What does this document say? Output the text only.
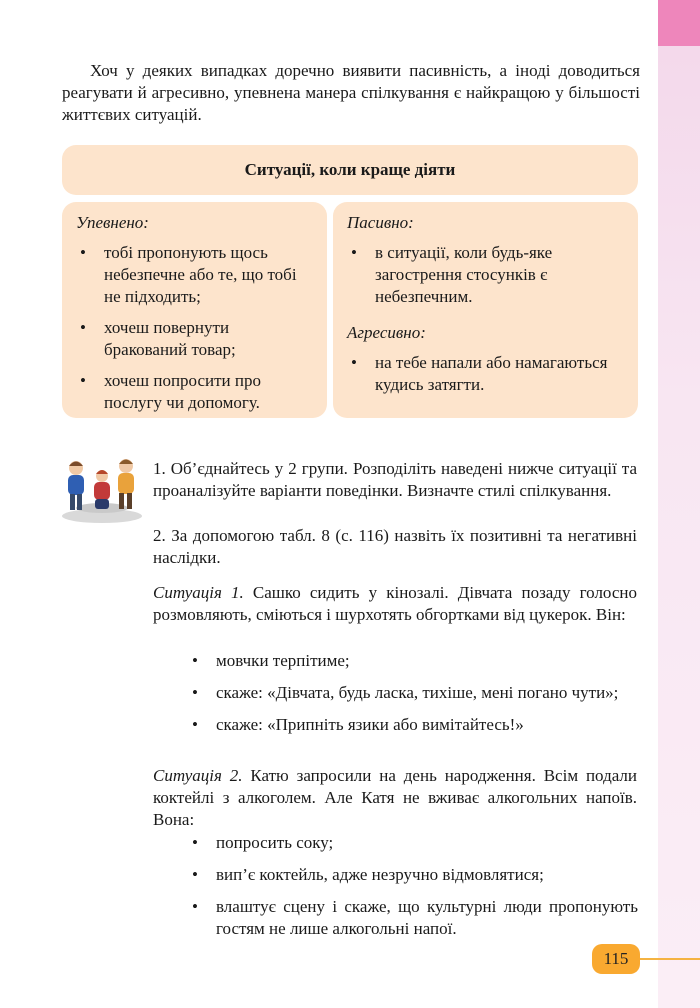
Хоч у деяких випадках доречно виявити пасивність, а іноді доводиться реагувати й агресивно, упевнена манера спілкування є найкращою у більшості життєвих ситуацій.

Ситуації, коли краще діяти

Упевнено:

• тобі пропонують щось небезпечне або те, що тобі не підходить;
• хочеш повернути бракований товар;
• хочеш попросити про послугу чи допомогу.

Пасивно:

• в ситуації, коли будь-яке загострення стосунків є небезпечним.

Агресивно:

• на тебе напали або намагаються кудись затягти.

1. Об’єднайтесь у 2 групи. Розподіліть наведені нижче ситуації та проаналізуйте варіанти поведінки. Визначте стилі спілкування.

2. За допомогою табл. 8 (с. 116) назвіть їх позитивні та негативні наслідки.

Ситуація 1. Сашко сидить у кінозалі. Дівчата позаду голосно розмовляють, сміються і шурхотять обгортками від цукерок. Він:

• мовчки терпітиме;
• скаже: «Дівчата, будь ласка, тихіше, мені погано чути»;
• скаже: «Припніть язики або вимітайтесь!»

Ситуація 2. Катю запросили на день народження. Всім подали коктейлі з алкоголем. Але Катя не вживає алкогольних напоїв. Вона:

• попросить соку;
• вип’є коктейль, адже незручно відмовлятися;
• влаштує сцену і скаже, що культурні люди пропонують гостям не лише алкогольні напої.
115
